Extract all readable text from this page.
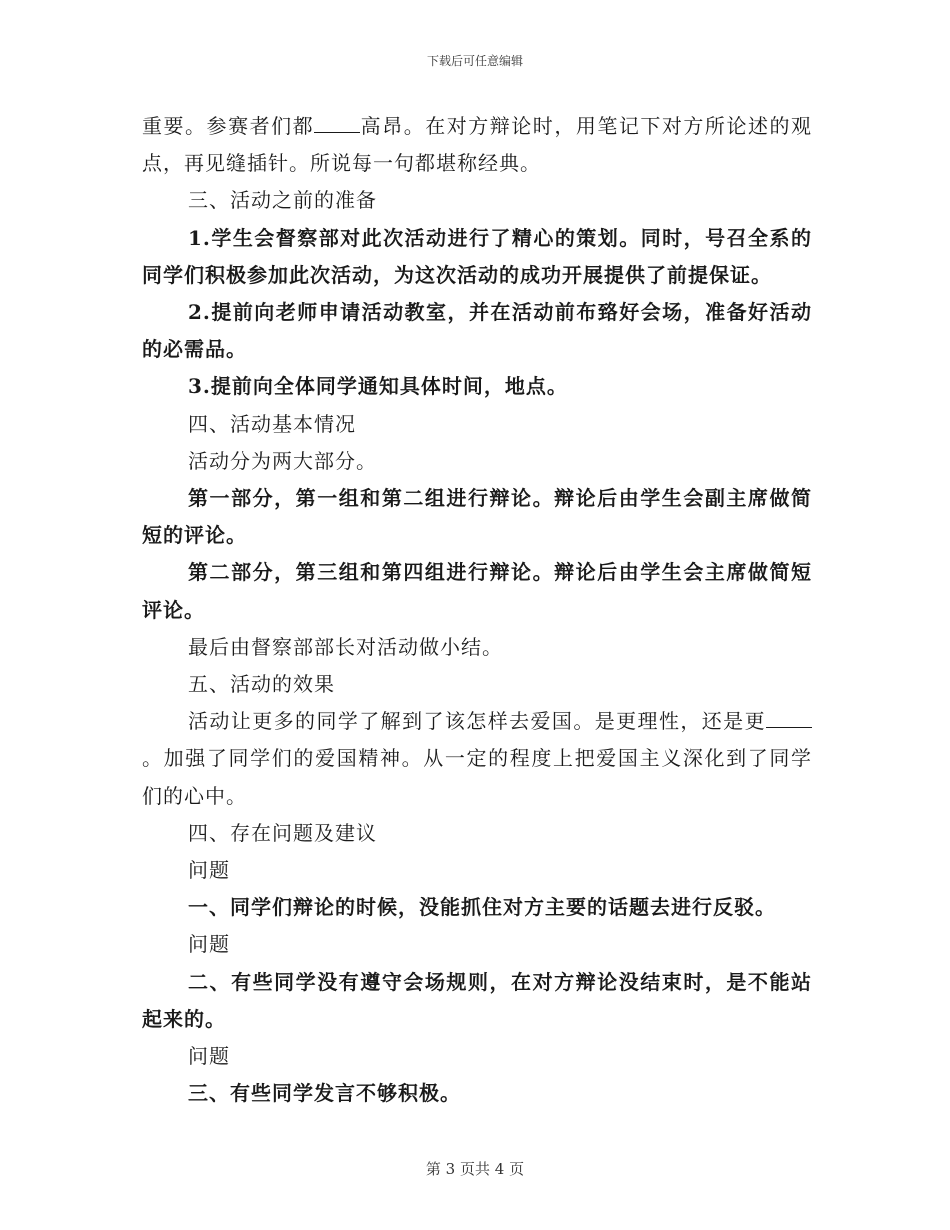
下载后可任意编辑

重要。参赛者们都 高昂。在对方辩论时，用笔记下对方所论述的观点，再见缝插针。所说每一句都堪称经典。

三、活动之前的准备

1.学生会督察部对此次活动进行了精心的策划。同时，号召全系的同学们积极参加此次活动，为这次活动的成功开展提供了前提保证。

2.提前向老师申请活动教室，并在活动前布臵好会场，准备好活动的必需品。

3.提前向全体同学通知具体时间，地点。

四、活动基本情况

活动分为两大部分。

第一部分，第一组和第二组进行辩论。辩论后由学生会副主席做简短的评论。

第二部分，第三组和第四组进行辩论。辩论后由学生会主席做简短评论。

最后由督察部部长对活动做小结。

五、活动的效果

活动让更多的同学了解到了该怎样去爱国。是更理性，还是更。加强了同学们的爱国精神。从一定的程度上把爱国主义深化到了同学们的心中。

四、存在问题及建议

问题

一、同学们辩论的时候，没能抓住对方主要的话题去进行反驳。

问题

二、有些同学没有遵守会场规则，在对方辩论没结束时，是不能站起来的。

问题

三、有些同学发言不够积极。

第 3 页共 4 页
